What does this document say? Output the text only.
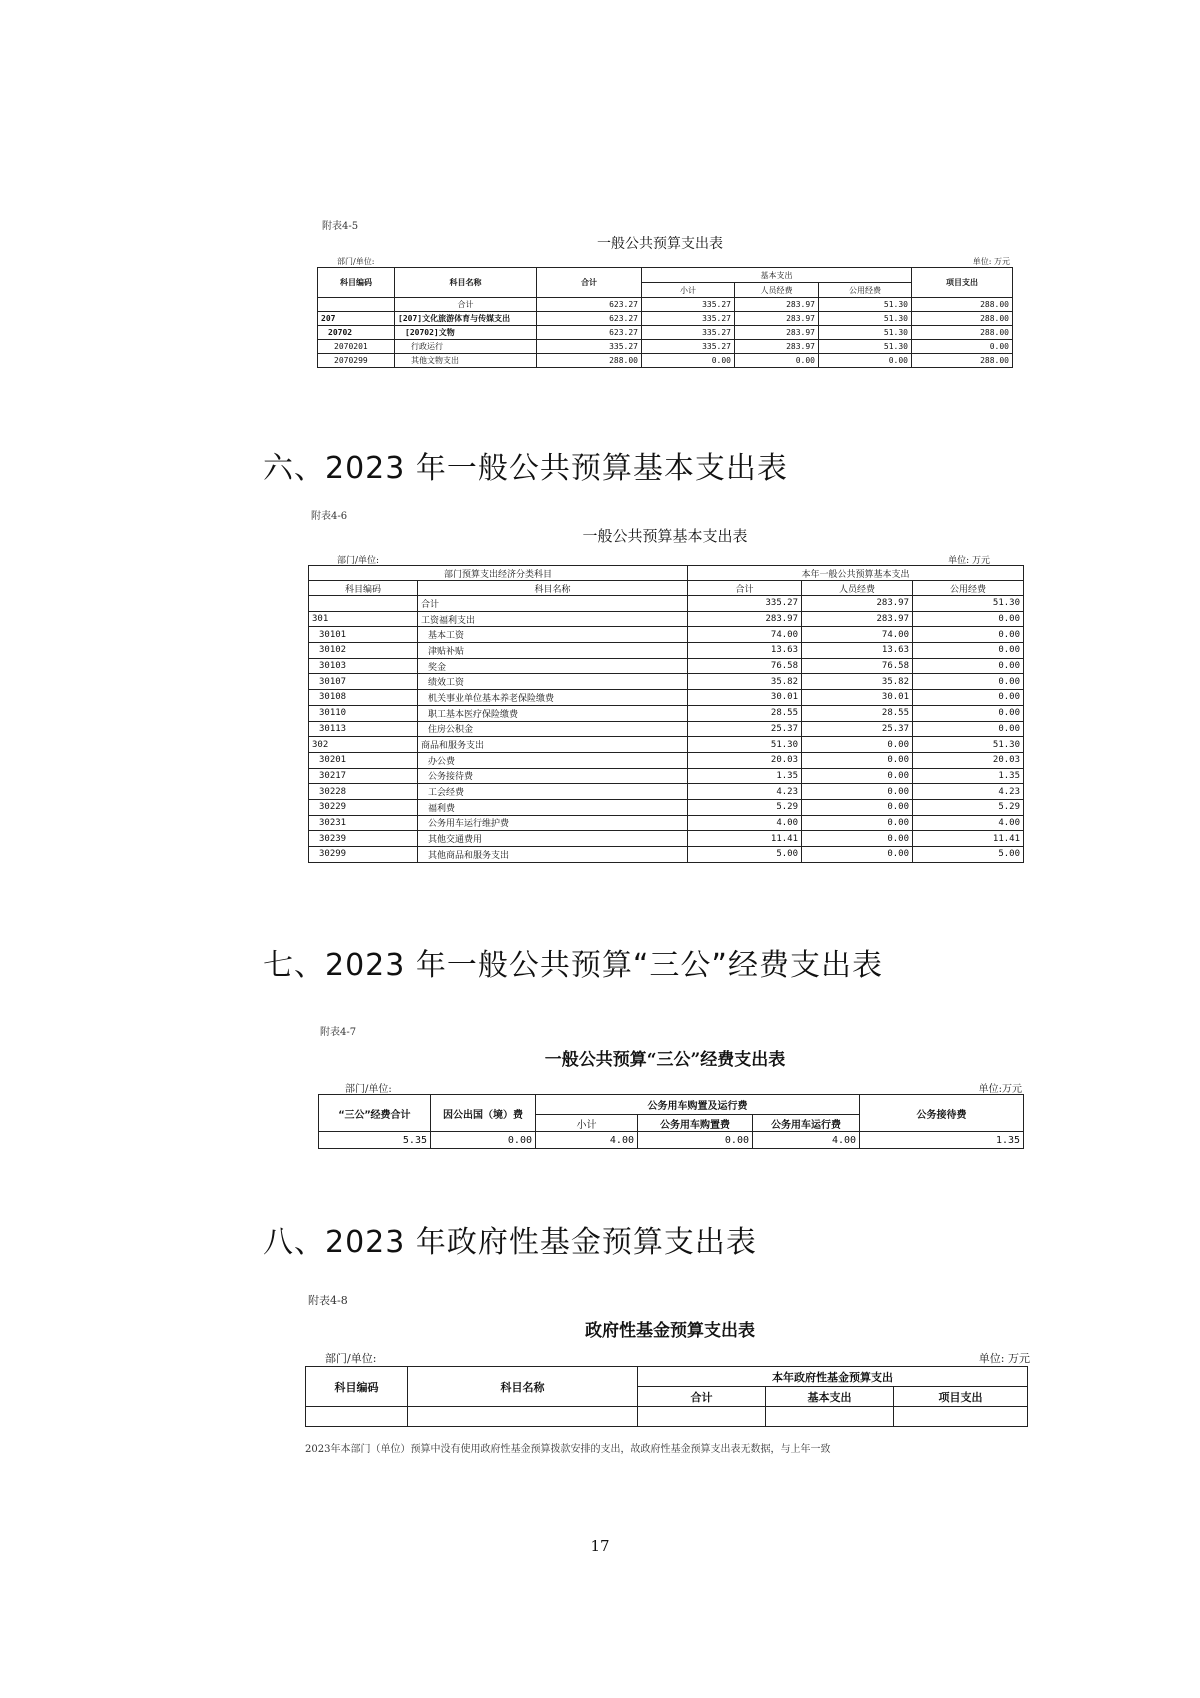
附表4-5
一般公共预算支出表
部门/单位:	单位: 万元
科目编码	科目名称	合计	基本支出			项目支出
			小计	人员经费	公用经费	
	合计	623.27	335.27	283.97	51.30	288.00
207	[207]文化旅游体育与传媒支出	623.27	335.27	283.97	51.30	288.00
20702	[20702]文物	623.27	335.27	283.97	51.30	288.00
2070201	行政运行	335.27	335.27	283.97	51.30	0.00
2070299	其他文物支出	288.00	0.00	0.00	0.00	288.00
六、2023 年一般公共预算基本支出表
附表4-6
一般公共预算基本支出表
部门/单位:	单位: 万元
部门预算支出经济分类科目		本年一般公共预算基本支出		
科目编码	科目名称	合计	人员经费	公用经费
	合计	335.27	283.97	51.30
301	工资福利支出	283.97	283.97	0.00
30101	基本工资	74.00	74.00	0.00
30102	津贴补贴	13.63	13.63	0.00
30103	奖金	76.58	76.58	0.00
30107	绩效工资	35.82	35.82	0.00
30108	机关事业单位基本养老保险缴费	30.01	30.01	0.00
30110	职工基本医疗保险缴费	28.55	28.55	0.00
30113	住房公积金	25.37	25.37	0.00
302	商品和服务支出	51.30	0.00	51.30
30201	办公费	20.03	0.00	20.03
30217	公务接待费	1.35	0.00	1.35
30228	工会经费	4.23	0.00	4.23
30229	福利费	5.29	0.00	5.29
30231	公务用车运行维护费	4.00	0.00	4.00
30239	其他交通费用	11.41	0.00	11.41
30299	其他商品和服务支出	5.00	0.00	5.00
七、2023 年一般公共预算“三公”经费支出表
附表4-7
一般公共预算“三公”经费支出表
部门/单位:	单位:万元
“三公”经费合计	因公出国（境）费	公务用车购置及运行费			公务接待费
		小计	公务用车购置费	公务用车运行费	
5.35	0.00	4.00	0.00	4.00	1.35
八、2023 年政府性基金预算支出表
附表4-8
政府性基金预算支出表
部门/单位:	单位: 万元
科目编码	科目名称	本年政府性基金预算支出		
		合计	基本支出	项目支出

2023年本部门（单位）预算中没有使用政府性基金预算拨款安排的支出，故政府性基金预算支出表无数据，与上年一致
17
